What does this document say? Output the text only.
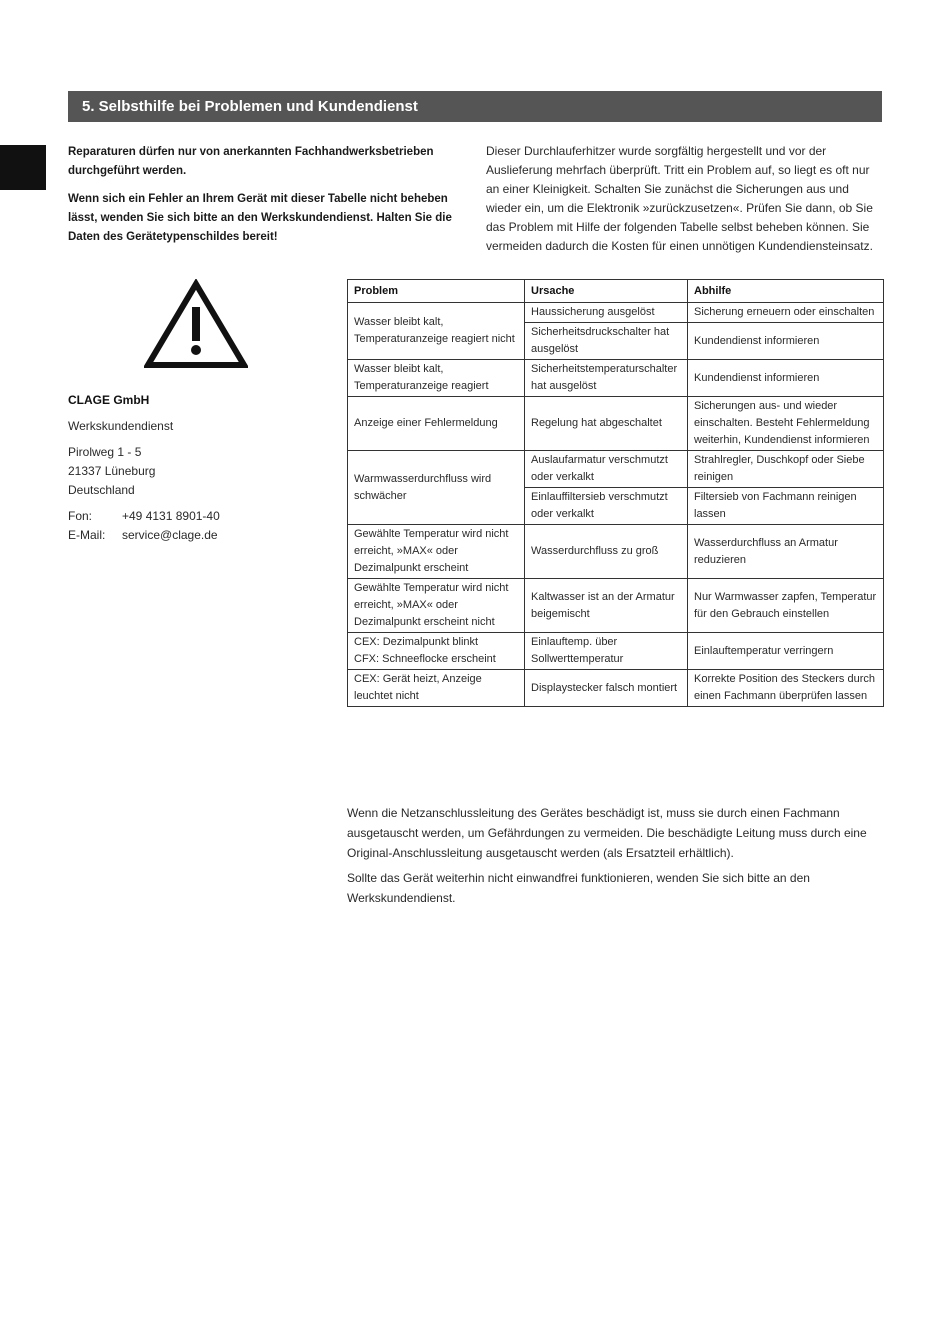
5. Selbsthilfe bei Problemen und Kundendienst

Reparaturen dürfen nur von anerkannten Fachhandwerksbetrieben durchgeführt werden.

Wenn sich ein Fehler an Ihrem Gerät mit dieser Tabelle nicht beheben lässt, wenden Sie sich bitte an den Werkskundendienst. Halten Sie die Daten des Gerätetypenschildes bereit!

Dieser Durchlauferhitzer wurde sorgfältig hergestellt und vor der Auslieferung mehrfach überprüft. Tritt ein Problem auf, so liegt es oft nur an einer Kleinigkeit. Schalten Sie zunächst die Sicherungen aus und wieder ein, um die Elektronik »zurückzusetzen«. Prüfen Sie dann, ob Sie das Problem mit Hilfe der folgenden Tabelle selbst beheben können. Sie vermeiden dadurch die Kosten für einen unnötigen Kundendiensteinsatz.

CLAGE GmbH
Werkskundendienst
Pirolweg 1 - 5
21337 Lüneburg
Deutschland
Fon:	+49 4131 8901-40
E-Mail:	service@clage.de
Problem	Ursache	Abhilfe
Wasser bleibt kalt, Temperaturanzeige reagiert nicht	Haussicherung ausgelöst	Sicherung erneuern oder einschalten
	Sicherheitsdruckschalter hat ausgelöst	Kundendienst informieren
Wasser bleibt kalt, Temperaturanzeige reagiert	Sicherheitstemperaturschalter hat ausgelöst	Kundendienst informieren
Anzeige einer Fehlermeldung	Regelung hat abgeschaltet	Sicherungen aus- und wieder einschalten. Besteht Fehlermeldung weiterhin, Kundendienst informieren
Warmwasserdurchfluss wird schwächer	Auslaufarmatur verschmutzt oder verkalkt	Strahlregler, Duschkopf oder Siebe reinigen
	Einlauffiltersieb verschmutzt oder verkalkt	Filtersieb von Fachmann reinigen lassen
Gewählte Temperatur wird nicht erreicht, »MAX« oder Dezimalpunkt erscheint	Wasserdurchfluss zu groß	Wasserdurchfluss an Armatur reduzieren
Gewählte Temperatur wird nicht erreicht, »MAX« oder Dezimalpunkt erscheint nicht	Kaltwasser ist an der Armatur beigemischt	Nur Warmwasser zapfen, Temperatur für den Gebrauch einstellen

CEX: Dezimalpunkt blinkt
CFX: Schneeflocke erscheint	Einlauftemp. über Sollwerttemperatur	Einlauftemperatur verringern
CEX: Gerät heizt, Anzeige leuchtet nicht	Displaystecker falsch montiert	Korrekte Position des Steckers durch einen Fachmann überprüfen lassen

Wenn die Netzanschlussleitung des Gerätes beschädigt ist, muss sie durch einen Fachmann ausgetauscht werden, um Gefährdungen zu vermeiden. Die beschädigte Leitung muss durch eine Original-Anschlussleitung ausgetauscht werden (als Ersatzteil erhältlich).

Sollte das Gerät weiterhin nicht einwandfrei funktionieren, wenden Sie sich bitte an den Werkskundendienst.
